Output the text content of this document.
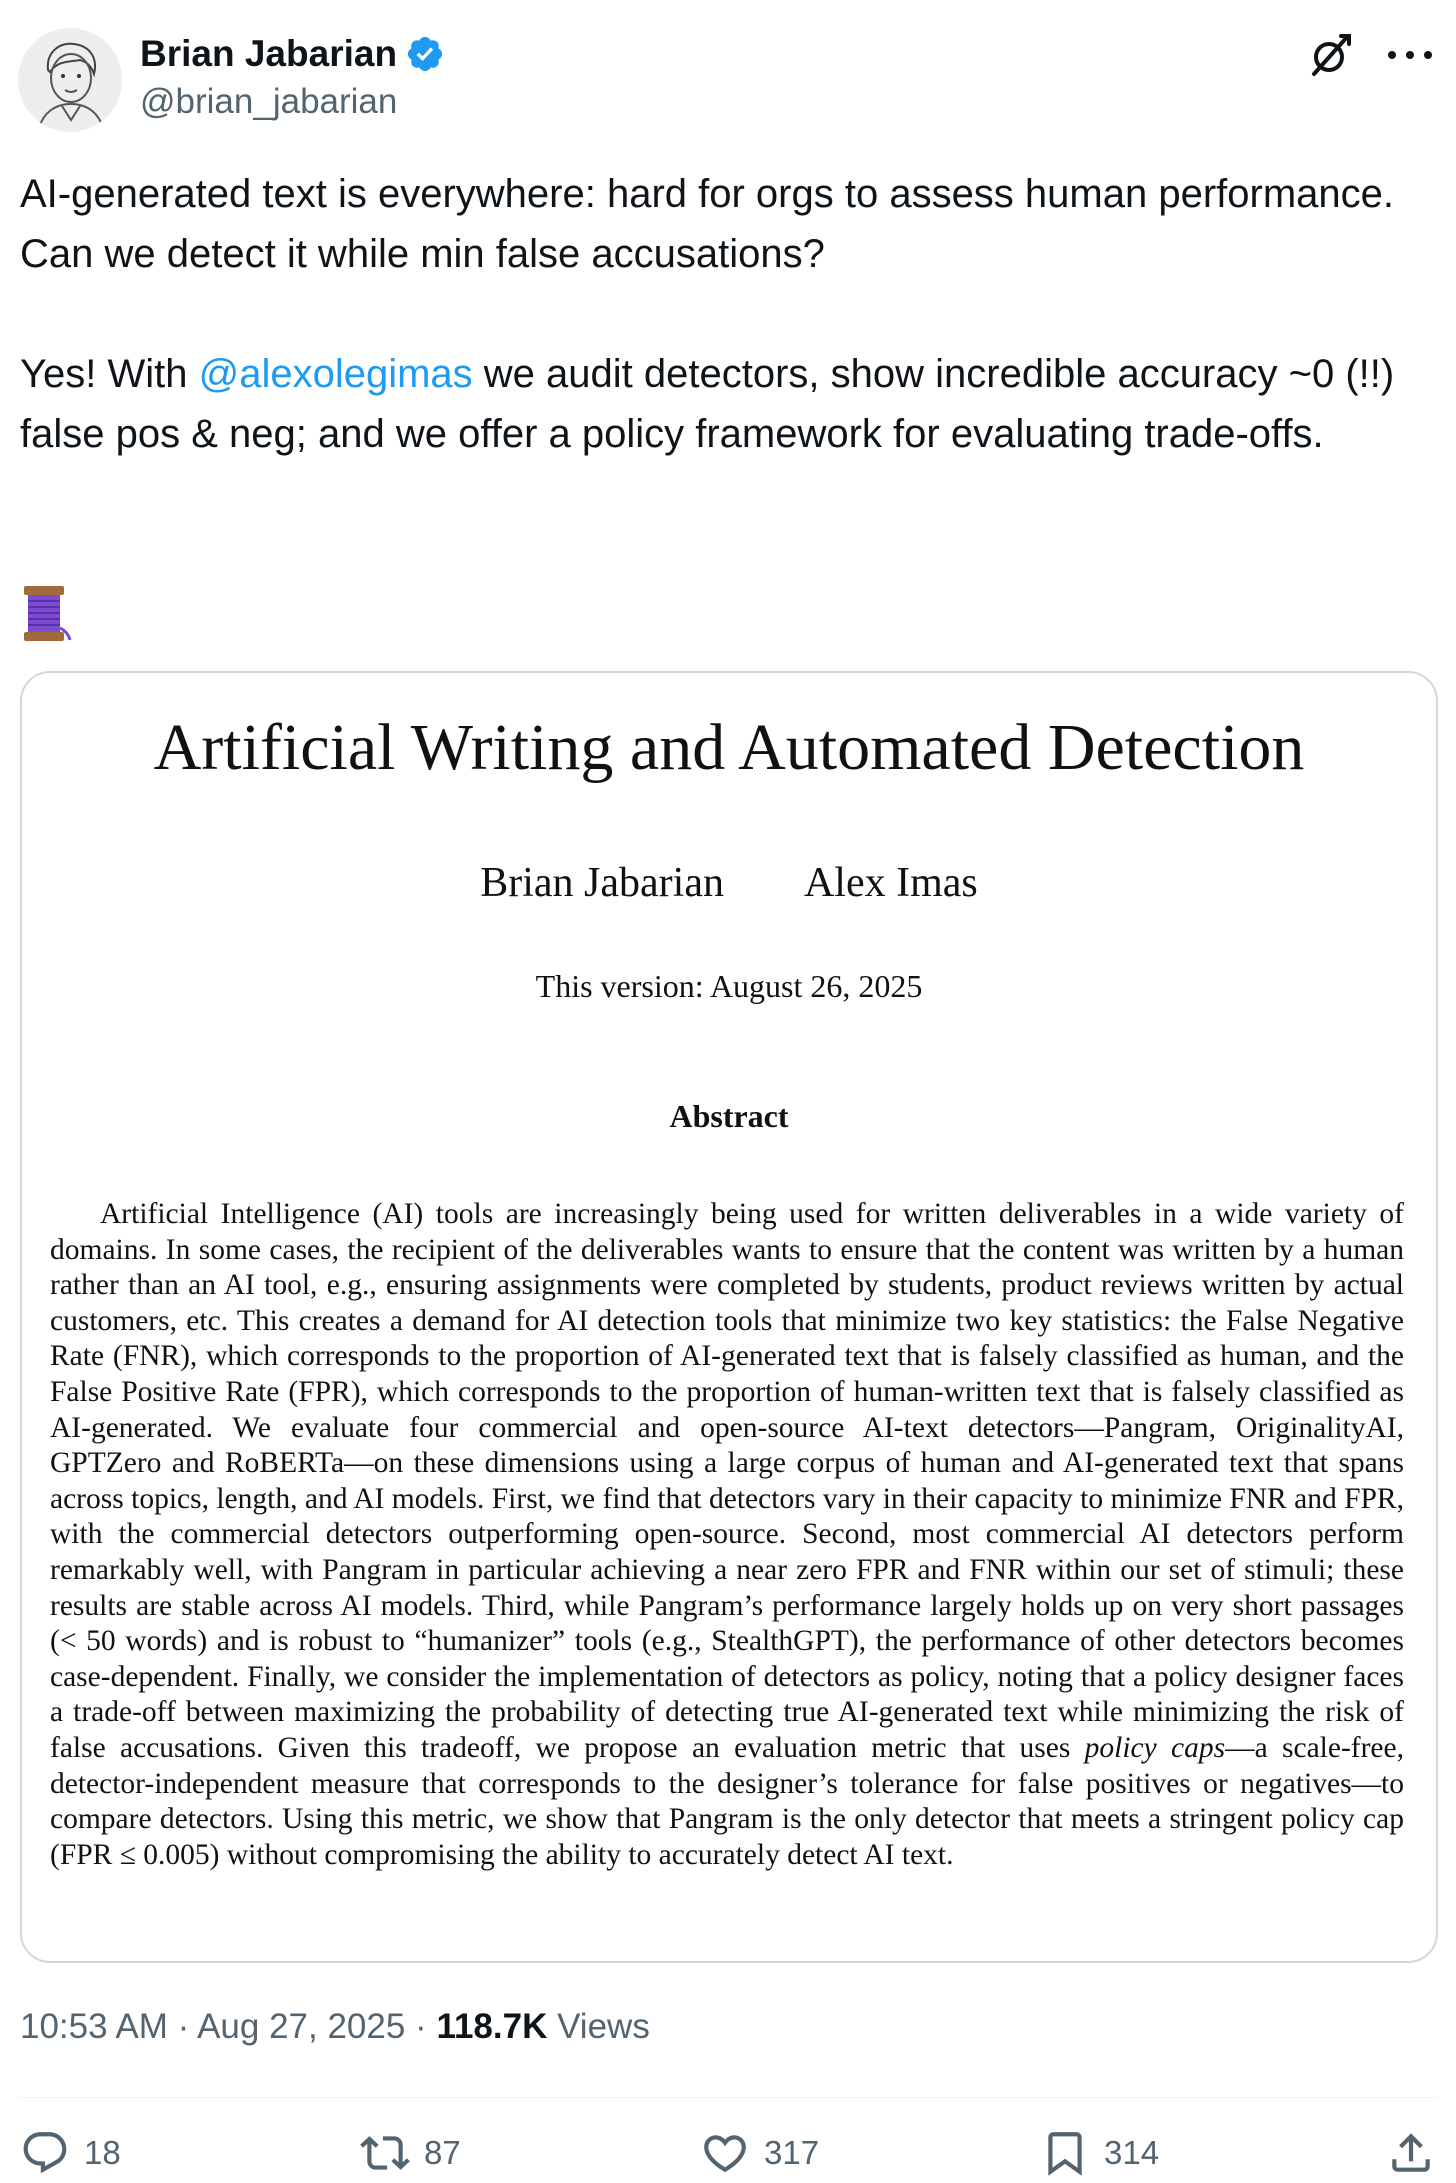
Brian Jabarian
@brian_jabarian

AI-generated text is everywhere: hard for orgs to assess human performance. Can we detect it while min false accusations?

Yes! With @alexolegimas we audit detectors, show incredible accuracy ~0 (!!) false pos & neg; and we offer a policy framework for evaluating trade-offs.

Artificial Writing and Automated Detection
Brian Jabarian Alex Imas
This version: August 26, 2025
Abstract
Artificial Intelligence (AI) tools are increasingly being used for written deliverables in a wide variety of domains. In some cases, the recipient of the deliverables wants to ensure that the content was written by a human rather than an AI tool, e.g., ensuring assignments were completed by students, product reviews written by actual customers, etc. This creates a demand for AI detection tools that minimize two key statistics: the False Negative Rate (FNR), which corresponds to the proportion of AI-generated text that is falsely classified as human, and the False Positive Rate (FPR), which corresponds to the proportion of human-written text that is falsely classified as AI-generated. We evaluate four commercial and open-source AI-text detectors—Pangram, OriginalityAI, GPTZero and RoBERTa—on these dimensions using a large corpus of human and AI-generated text that spans across topics, length, and AI models. First, we find that detectors vary in their capacity to minimize FNR and FPR, with the commercial detectors outperforming open-source. Second, most commercial AI detectors perform remarkably well, with Pangram in particular achieving a near zero FPR and FNR within our set of stimuli; these results are stable across AI models. Third, while Pangram’s performance largely holds up on very short passages (< 50 words) and is robust to “humanizer” tools (e.g., StealthGPT), the performance of other detectors becomes case-dependent. Finally, we consider the implementation of detectors as policy, noting that a policy designer faces a trade-off between maximizing the probability of detecting true AI-generated text while minimizing the risk of false accusations. Given this tradeoff, we propose an evaluation metric that uses policy caps—a scale-free, detector-independent measure that corresponds to the designer’s tolerance for false positives or negatives—to compare detectors. Using this metric, we show that Pangram is the only detector that meets a stringent policy cap (FPR ≤ 0.005) without compromising the ability to accurately detect AI text.
10:53 AM · Aug 27, 2025 · 118.7K Views
18	87	317	314
